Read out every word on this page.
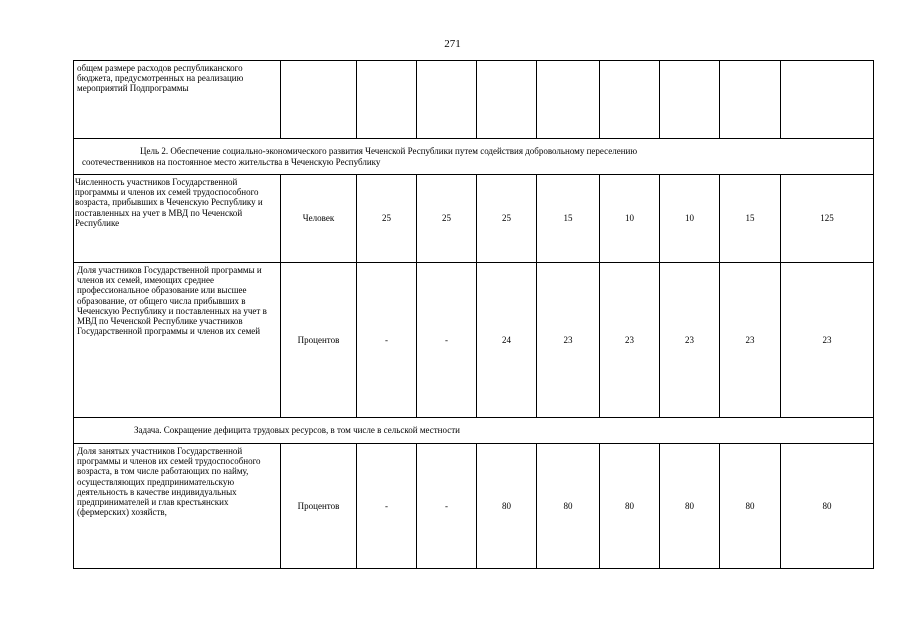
271
общем размере расходов республиканского бюджета, предусмотренных на реализацию мероприятий Подпрограммы									

Цель 2. Обеспечение социально-экономического развития Чеченской Республики путем содействия добровольному переселению
соотечественников на постоянное место жительства в Чеченскую Республику									

Численность участников Государственной программы и членов их семей трудоспособного возраста, прибывших в Чеченскую Республику и поставленных на учет в МВД по Чеченской Республике	Человек	25	25	25	15	10	10	15	125
Доля участников Государственной программы и членов их семей, имеющих среднее профессиональное образование или высшее образование, от общего числа прибывших в Чеченскую Республику и поставленных на учет в МВД по Чеченской Республике участников Государственной программы и членов их семей	Процентов	-	-	24	23	23	23	23	23

Задача. Сокращение дефицита трудовых ресурсов, в том числе в сельской местности									

Доля занятых участников Государственной программы и членов их семей трудоспособного возраста, в том числе работающих по найму, осуществляющих предпринимательскую деятельность в качестве индивидуальных предпринимателей и глав крестьянских (фермерских) хозяйств,	Процентов	-	-	80	80	80	80	80	80
